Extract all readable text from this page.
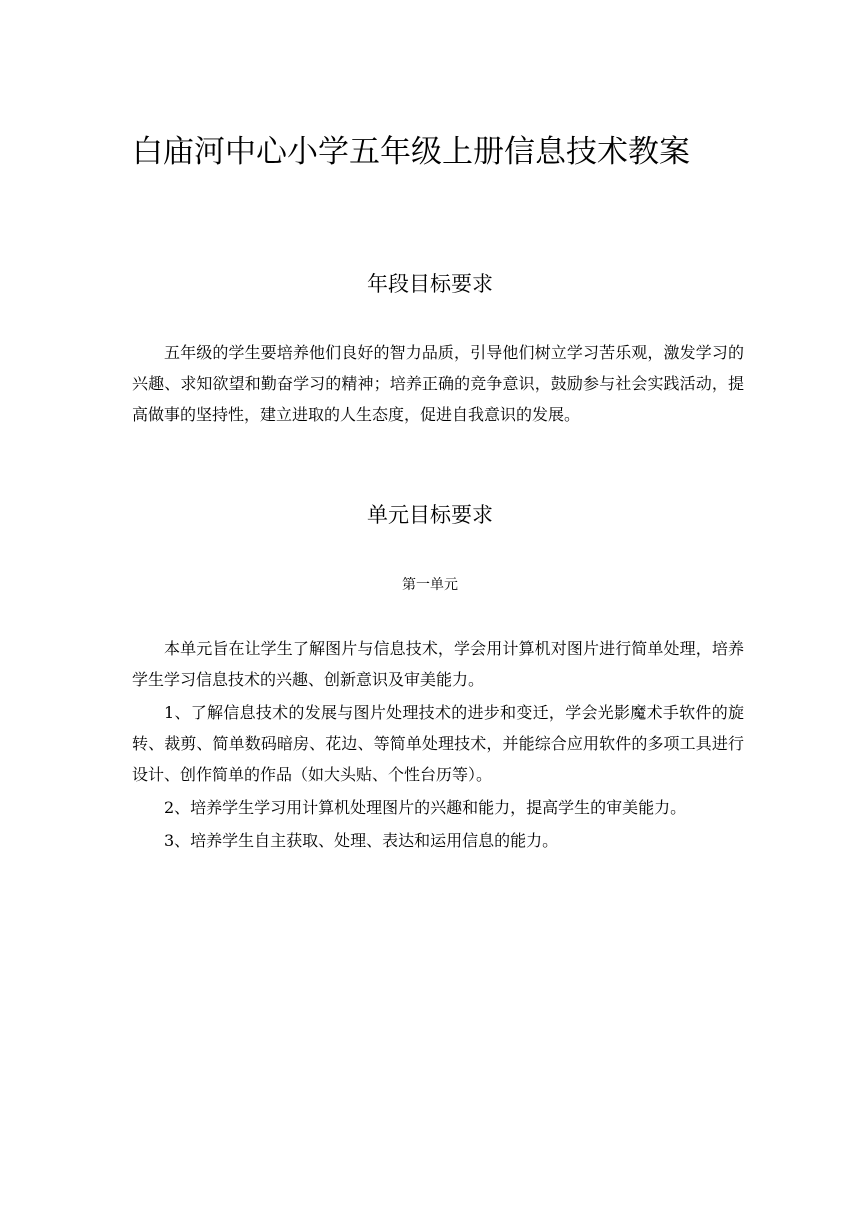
白庙河中心小学五年级上册信息技术教案
年段目标要求

五年级的学生要培养他们良好的智力品质，引导他们树立学习苦乐观，激发学习的兴趣、求知欲望和勤奋学习的精神；培养正确的竞争意识，鼓励参与社会实践活动，提高做事的坚持性，建立进取的人生态度，促进自我意识的发展。

单元目标要求
第一单元

本单元旨在让学生了解图片与信息技术，学会用计算机对图片进行简单处理，培养学生学习信息技术的兴趣、创新意识及审美能力。

1、了解信息技术的发展与图片处理技术的进步和变迁，学会光影魔术手软件的旋转、裁剪、简单数码暗房、花边、等简单处理技术，并能综合应用软件的多项工具进行设计、创作简单的作品（如大头贴、个性台历等）。

2、培养学生学习用计算机处理图片的兴趣和能力，提高学生的审美能力。

3、培养学生自主获取、处理、表达和运用信息的能力。
